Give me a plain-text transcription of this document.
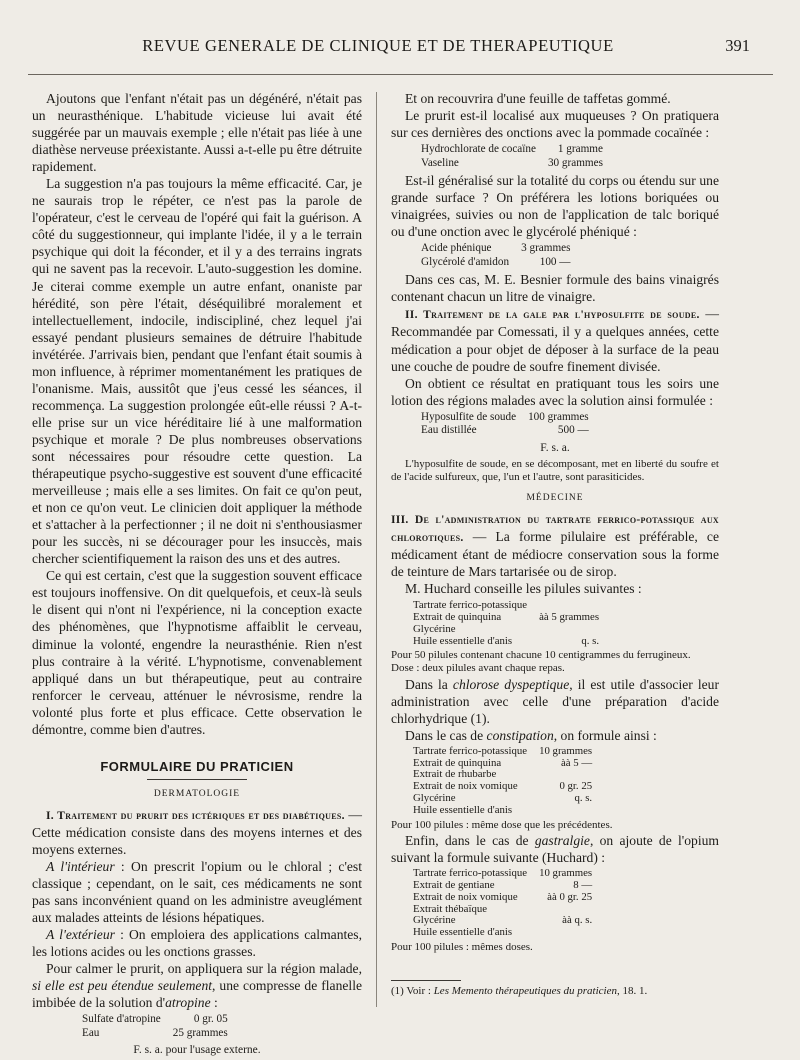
REVUE GENERALE DE CLINIQUE ET DE THERAPEUTIQUE	391

Ajoutons que l'enfant n'était pas un dégénéré, n'était pas un neurasthénique. L'habitude vicieuse lui avait été suggérée par un mauvais exemple ; elle n'était pas liée à une diathèse nerveuse préexistante. Aussi a-t-elle pu être détruite rapidement.

La suggestion n'a pas toujours la même efficacité. Car, je ne saurais trop le répéter, ce n'est pas la parole de l'opérateur, c'est le cerveau de l'opéré qui fait la guérison. A côté du suggestionneur, qui implante l'idée, il y a le terrain psychique qui doit la féconder, et il y a des terrains ingrats qui ne savent pas la recevoir. L'auto-suggestion les domine. Je citerai comme exemple un autre enfant, onaniste par hérédité, son père l'était, déséquilibré moralement et intellectuellement, indocile, indiscipliné, chez lequel j'ai essayé pendant plusieurs semaines de détruire l'habitude invétérée. J'arrivais bien, pendant que l'enfant était soumis à mon influence, à réprimer momentanément les pratiques de l'onanisme. Mais, aussitôt que j'eus cessé les séances, il recommença. La suggestion prolongée eût-elle réussi ? A-t-elle prise sur un vice héréditaire lié à une malformation psychique et morale ? De plus nombreuses observations sont nécessaires pour résoudre cette question. La thérapeutique psycho-suggestive est souvent d'une efficacité merveilleuse ; mais elle a ses limites. On fait ce qu'on peut, et non ce qu'on veut. Le clinicien doit appliquer la méthode et s'attacher à la perfectionner ; il ne doit ni s'enthousiasmer pour les succès, ni se décourager pour les insuccès, mais chercher scientifiquement la raison des uns et des autres.

Ce qui est certain, c'est que la suggestion souvent efficace est toujours inoffensive. On dit quelquefois, et ceux-là seuls le disent qui n'ont ni l'expérience, ni la conception exacte des phénomènes, que l'hypnotisme affaiblit le cerveau, diminue la volonté, engendre la neurasthénie. Rien n'est plus contraire à la vérité. L'hypnotisme, convenablement appliqué dans un but thérapeutique, peut au contraire renforcer le cerveau, atténuer le névrosisme, rendre la volonté plus forte et plus efficace. Cette observation le démontre, comme bien d'autres.

FORMULAIRE DU PRATICIEN
DERMATOLOGIE

I. Traitement du prurit des ictériques et des diabétiques. — Cette médication consiste dans des moyens internes et des moyens externes.

A l'intérieur : On prescrit l'opium ou le chloral ; c'est classique ; cependant, on le sait, ces médicaments ne sont pas sans inconvénient quand on les administre aveuglément aux malades atteints de lésions hépatiques.

A l'extérieur : On emploiera des applications calmantes, les lotions acides ou les onctions grasses.

Pour calmer le prurit, on appliquera sur la région malade, si elle est peu étendue seulement, une compresse de flanelle imbibée de la solution d'atropine :

Sulfate d'atropine	0 gr. 05
Eau	25 grammes
F. s. a. pour l'usage externe.

Et on recouvrira d'une feuille de taffetas gommé.

Le prurit est-il localisé aux muqueuses ? On pratiquera sur ces dernières des onctions avec la pommade cocaïnée :

Hydrochlorate de cocaïne	1 gramme
Vaseline	30 grammes

Est-il généralisé sur la totalité du corps ou étendu sur une grande surface ? On préférera les lotions boriquées ou vinaigrées, suivies ou non de l'application de talc boriqué ou d'une onction avec le glycérolé phéniqué :

Acide phénique	3 grammes
Glycérolé d'amidon	100 —

Dans ces cas, M. E. Besnier formule des bains vinaigrés contenant chacun un litre de vinaigre.

II. Traitement de la gale par l'hyposulfite de soude. — Recommandée par Comessati, il y a quelques années, cette médication a pour objet de déposer à la surface de la peau une couche de poudre de soufre finement divisée.

On obtient ce résultat en pratiquant tous les soirs une lotion des régions malades avec la solution ainsi formulée :

Hyposulfite de soude	100 grammes
Eau distillée	500 —
F. s. a.

L'hyposulfite de soude, en se décomposant, met en liberté du soufre et de l'acide sulfureux, que, l'un et l'autre, sont parasiticides.

MÉDECINE

III. De l'administration du tartrate ferrico-potassique aux chlorotiques. — La forme pilulaire est préférable, ce médicament étant de médiocre conservation sous la forme de teinture de Mars tartarisée ou de sirop.

M. Huchard conseille les pilules suivantes :

Tartrate ferrico-potassique	
Extrait de quinquina	àà 5 grammes
Glycérine	
Huile essentielle d'anis	q. s.

Pour 50 pilules contenant chacune 10 centigrammes du ferrugineux.

Dose : deux pilules avant chaque repas.

Dans la chlorose dyspeptique, il est utile d'associer leur administration avec celle d'une préparation d'acide chlorhydrique (1).

Dans le cas de constipation, on formule ainsi :

Tartrate ferrico-potassique	10 grammes
Extrait de quinquina	àà 5 —
Extrait de rhubarbe	
Extrait de noix vomique	0 gr. 25
Glycérine	q. s.
Huile essentielle d'anis	

Pour 100 pilules : même dose que les précédentes.

Enfin, dans le cas de gastralgie, on ajoute de l'opium suivant la formule suivante (Huchard) :

Tartrate ferrico-potassique	10 grammes
Extrait de gentiane	8 —
Extrait de noix vomique	àà 0 gr. 25
Extrait thébaïque	
Glycérine	àà q. s.
Huile essentielle d'anis	

Pour 100 pilules : mêmes doses.

(1) Voir : Les Memento thérapeutiques du praticien, 18. 1.
